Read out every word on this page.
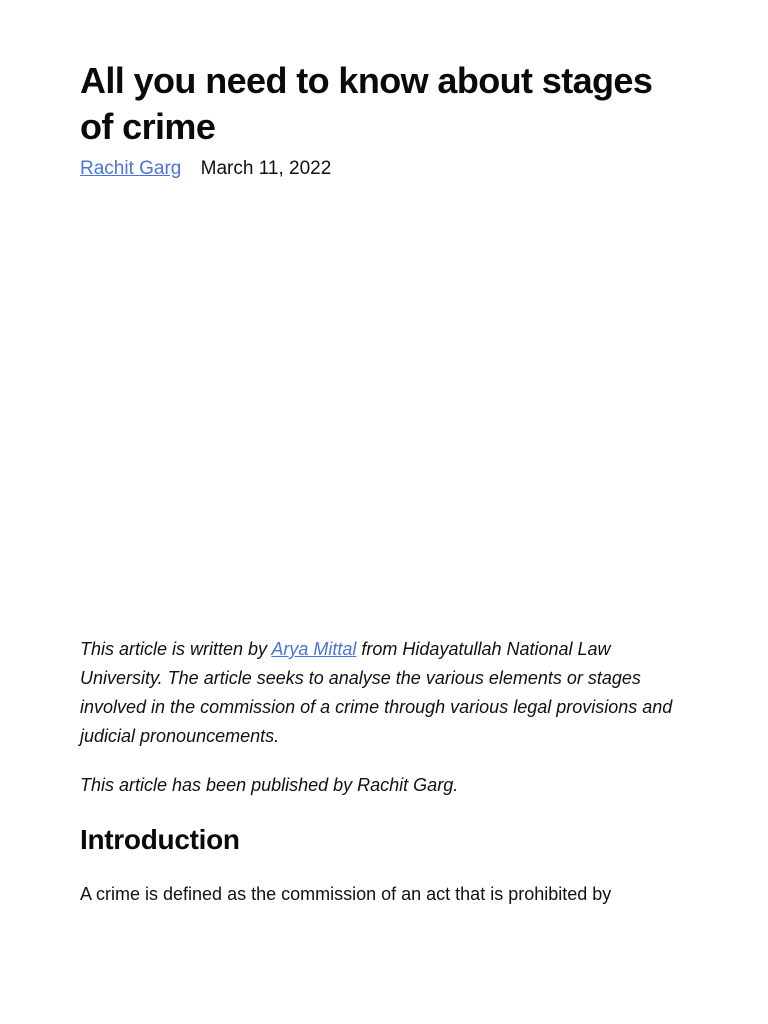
All you need to know about stages of crime
Rachit Garg March 11, 2022

This article is written by Arya Mittal from Hidayatullah National Law University. The article seeks to analyse the various elements or stages involved in the commission of a crime through various legal provisions and judicial pronouncements.

This article has been published by Rachit Garg.

Introduction

A crime is defined as the commission of an act that is prohibited by
